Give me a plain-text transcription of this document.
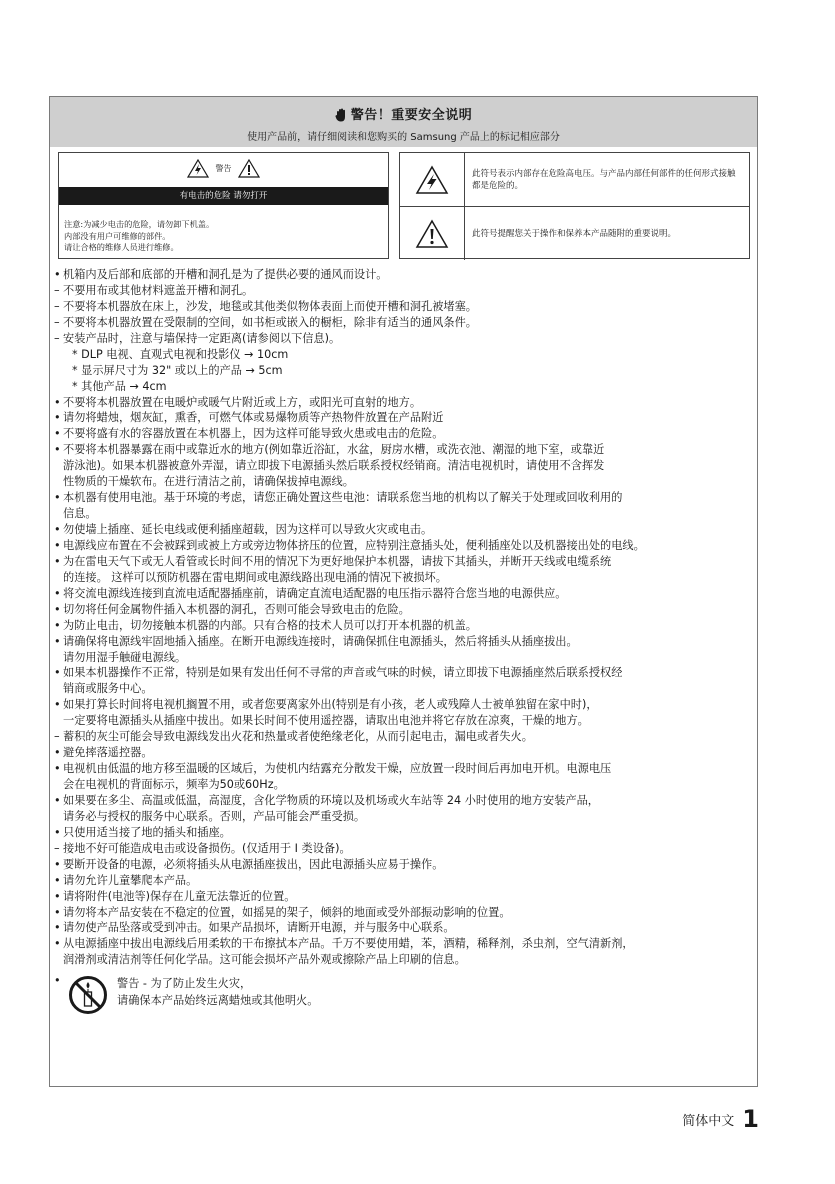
警告！重要安全说明
使用产品前，请仔细阅读和您购买的 Samsung 产品上的标记相应部分
警告
有电击的危险 请勿打开
注意:为减少电击的危险，请勿卸下机盖。
内部没有用户可维修的部件。
请让合格的维修人员进行维修。
此符号表示内部存在危险高电压。与产品内部任何部件的任何形式接触都是危险的。
此符号提醒您关于操作和保养本产品随附的重要说明。
• 机箱内及后部和底部的开槽和洞孔是为了提供必要的通风而设计。
– 不要用布或其他材料遮盖开槽和洞孔。
– 不要将本机器放在床上，沙发，地毯或其他类似物体表面上而使开槽和洞孔被堵塞。
– 不要将本机器放置在受限制的空间，如书柜或嵌入的橱柜，除非有适当的通风条件。
– 安装产品时，注意与墙保持一定距离(请参阅以下信息)。
* DLP 电视、直观式电视和投影仪 → 10cm
* 显示屏尺寸为 32" 或以上的产品 → 5cm
* 其他产品 → 4cm
• 不要将本机器放置在电暖炉或暖气片附近或上方，或阳光可直射的地方。
• 请勿将蜡烛，烟灰缸，熏香，可燃气体或易爆物质等产热物件放置在产品附近
• 不要将盛有水的容器放置在本机器上，因为这样可能导致火患或电击的危险。
• 不要将本机器暴露在雨中或靠近水的地方(例如靠近浴缸，水盆，厨房水槽，或洗衣池、潮湿的地下室，或靠近
游泳池)。如果本机器被意外弄湿，请立即拔下电源插头然后联系授权经销商。清洁电视机时，请使用不含挥发
性物质的干燥软布。在进行清洁之前，请确保拔掉电源线。
• 本机器有使用电池。基于环境的考虑，请您正确处置这些电池：请联系您当地的机构以了解关于处理或回收利用的
信息。
• 勿使墙上插座、延长电线或便利插座超载，因为这样可以导致火灾或电击。
• 电源线应布置在不会被踩到或被上方或旁边物体挤压的位置，应特别注意插头处，便利插座处以及机器接出处的电线。
• 为在雷电天气下或无人看管或长时间不用的情况下为更好地保护本机器，请拔下其插头，并断开天线或电缆系统
的连接。 这样可以预防机器在雷电期间或电源线路出现电涌的情况下被损坏。
• 将交流电源线连接到直流电适配器插座前，请确定直流电适配器的电压指示器符合您当地的电源供应。
• 切勿将任何金属物件插入本机器的洞孔，否则可能会导致电击的危险。
• 为防止电击，切勿接触本机器的内部。只有合格的技术人员可以打开本机器的机盖。
• 请确保将电源线牢固地插入插座。在断开电源线连接时，请确保抓住电源插头，然后将插头从插座拔出。
请勿用湿手触碰电源线。
• 如果本机器操作不正常，特别是如果有发出任何不寻常的声音或气味的时候，请立即拔下电源插座然后联系授权经
销商或服务中心。
• 如果打算长时间将电视机搁置不用，或者您要离家外出(特别是有小孩，老人或残障人士被单独留在家中时)，
一定要将电源插头从插座中拔出。如果长时间不使用遥控器，请取出电池并将它存放在凉爽，干燥的地方。
– 蓄积的灰尘可能会导致电源线发出火花和热量或者使绝缘老化，从而引起电击，漏电或者失火。
• 避免摔落遥控器。
• 电视机由低温的地方移至温暖的区域后，为使机内结露充分散发干燥，应放置一段时间后再加电开机。电源电压
会在电视机的背面标示，频率为50或60Hz。
• 如果要在多尘、高温或低温，高湿度，含化学物质的环境以及机场或火车站等 24 小时使用的地方安装产品，
请务必与授权的服务中心联系。否则，产品可能会严重受损。
• 只使用适当接了地的插头和插座。
– 接地不好可能造成电击或设备损伤。(仅适用于 I 类设备)。
• 要断开设备的电源，必须将插头从电源插座拔出，因此电源插头应易于操作。
• 请勿允许儿童攀爬本产品。
• 请将附件(电池等)保存在儿童无法靠近的位置。
• 请勿将本产品安装在不稳定的位置，如摇晃的架子，倾斜的地面或受外部振动影响的位置。
• 请勿使产品坠落或受到冲击。如果产品损坏，请断开电源，并与服务中心联系。
• 从电源插座中拔出电源线后用柔软的干布擦拭本产品。千万不要使用蜡，苯，酒精，稀释剂，杀虫剂，空气清新剂，
润滑剂或清洁剂等任何化学品。这可能会损坏产品外观或擦除产品上印刷的信息。
•	警告 - 为了防止发生火灾，
请确保本产品始终远离蜡烛或其他明火。
简体中文 1
